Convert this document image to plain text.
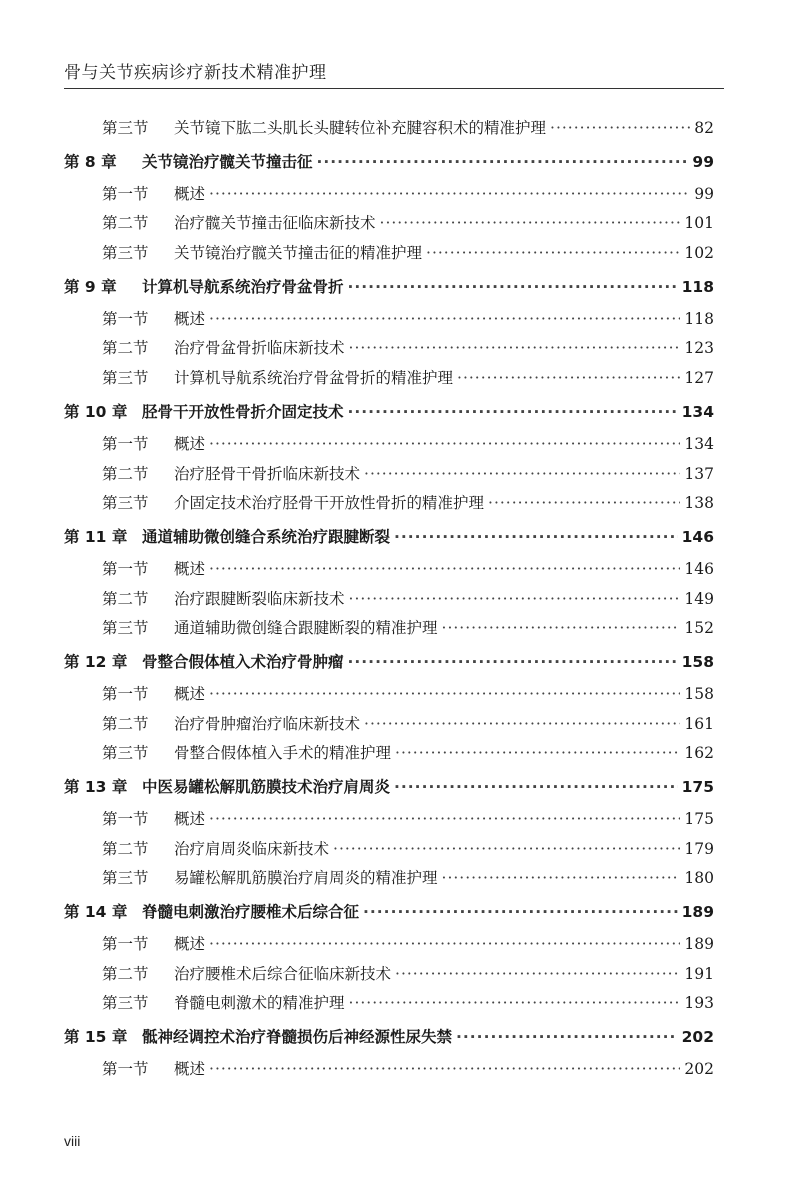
骨与关节疾病诊疗新技术精准护理
第三节	关节镜下肱二头肌长头腱转位补充腱容积术的精准护理 ·····	82
第 8 章	关节镜治疗髋关节撞击征 ·····	99
第一节	概述 ·····	99
第二节	治疗髋关节撞击征临床新技术 ·····	101
第三节	关节镜治疗髋关节撞击征的精准护理 ·····	102
第 9 章	计算机导航系统治疗骨盆骨折 ·····	118
第一节	概述 ·····	118
第二节	治疗骨盆骨折临床新技术 ·····	123
第三节	计算机导航系统治疗骨盆骨折的精准护理 ·····	127
第 10 章 胫骨干开放性骨折介固定技术 ·····	134
第一节	概述 ·····	134
第二节	治疗胫骨干骨折临床新技术 ·····	137
第三节	介固定技术治疗胫骨干开放性骨折的精准护理 ·····	138
第 11 章 通道辅助微创缝合系统治疗跟腱断裂 ·····	146
第一节	概述 ·····	146
第二节	治疗跟腱断裂临床新技术 ·····	149
第三节	通道辅助微创缝合跟腱断裂的精准护理 ·····	152
第 12 章 骨整合假体植入术治疗骨肿瘤 ·····	158
第一节	概述 ·····	158
第二节	治疗骨肿瘤治疗临床新技术 ·····	161
第三节	骨整合假体植入手术的精准护理 ·····	162
第 13 章 中医易罐松解肌筋膜技术治疗肩周炎 ·····	175
第一节	概述 ·····	175
第二节	治疗肩周炎临床新技术 ·····	179
第三节	易罐松解肌筋膜治疗肩周炎的精准护理 ·····	180
第 14 章 脊髓电刺激治疗腰椎术后综合征 ·····	189
第一节	概述 ·····	189
第二节	治疗腰椎术后综合征临床新技术 ·····	191
第三节	脊髓电刺激术的精准护理 ·····	193
第 15 章 骶神经调控术治疗脊髓损伤后神经源性尿失禁 ·····	202
第一节	概述 ·····	202
viii
